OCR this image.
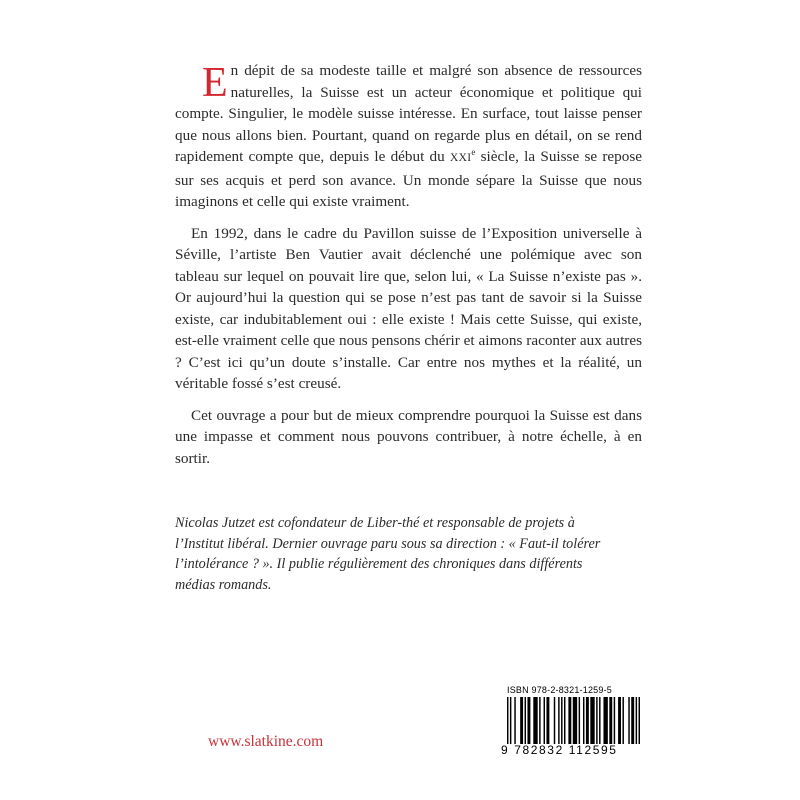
En dépit de sa modeste taille et malgré son absence de ressources naturelles, la Suisse est un acteur économique et politique qui compte. Singulier, le modèle suisse intéresse. En surface, tout laisse penser que nous allons bien. Pourtant, quand on regarde plus en détail, on se rend rapidement compte que, depuis le début du XXIe siècle, la Suisse se repose sur ses acquis et perd son avance. Un monde sépare la Suisse que nous imaginons et celle qui existe vraiment.

En 1992, dans le cadre du Pavillon suisse de l’Exposition universelle à Séville, l’artiste Ben Vautier avait déclenché une polémique avec son tableau sur lequel on pouvait lire que, selon lui, « La Suisse n’existe pas ». Or aujourd’hui la question qui se pose n’est pas tant de savoir si la Suisse existe, car indubitablement oui : elle existe ! Mais cette Suisse, qui existe, est-elle vraiment celle que nous pensons chérir et aimons raconter aux autres ? C’est ici qu’un doute s’installe. Car entre nos mythes et la réalité, un véritable fossé s’est creusé.

Cet ouvrage a pour but de mieux comprendre pourquoi la Suisse est dans une impasse et comment nous pouvons contribuer, à notre échelle, à en sortir.

Nicolas Jutzet est cofondateur de Liber-thé et responsable de projets à l’Institut libéral. Dernier ouvrage paru sous sa direction : « Faut-il tolérer l’intolérance ? ». Il publie régulièrement des chroniques dans différents médias romands.

www.slatkine.com
ISBN 978-2-8321-1259-5
9 782832 112595
